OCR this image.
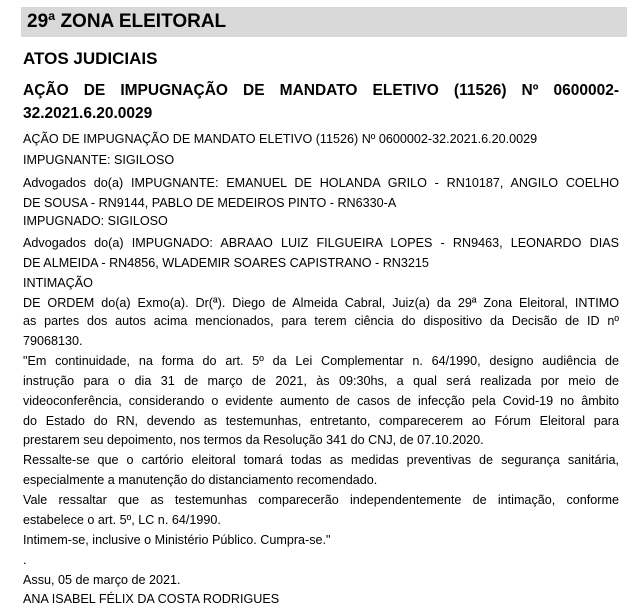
29ª ZONA ELEITORAL
ATOS JUDICIAIS
AÇÃO DE IMPUGNAÇÃO DE MANDATO ELETIVO (11526) Nº 0600002-
32.2021.6.20.0029
AÇÃO DE IMPUGNAÇÃO DE MANDATO ELETIVO (11526) Nº 0600002-32.2021.6.20.0029
IMPUGNANTE: SIGILOSO
Advogados do(a) IMPUGNANTE: EMANUEL DE HOLANDA GRILO - RN10187, ANGILO COELHO
DE SOUSA - RN9144, PABLO DE MEDEIROS PINTO - RN6330-A
IMPUGNADO: SIGILOSO
Advogados do(a) IMPUGNADO: ABRAAO LUIZ FILGUEIRA LOPES - RN9463, LEONARDO DIAS
DE ALMEIDA - RN4856, WLADEMIR SOARES CAPISTRANO - RN3215
INTIMAÇÃO
DE ORDEM do(a) Exmo(a). Dr(ª). Diego de Almeida Cabral, Juiz(a) da 29ª Zona Eleitoral, INTIMO
as partes dos autos acima mencionados, para terem ciência do dispositivo da Decisão de ID nº
79068130.
"Em continuidade, na forma do art. 5º da Lei Complementar n. 64/1990, designo audiência de
instrução para o dia 31 de março de 2021, às 09:30hs, a qual será realizada por meio de
videoconferência, considerando o evidente aumento de casos de infecção pela Covid-19 no âmbito
do Estado do RN, devendo as testemunhas, entretanto, comparecerem ao Fórum Eleitoral para
prestarem seu depoimento, nos termos da Resolução 341 do CNJ, de 07.10.2020.
Ressalte-se que o cartório eleitoral tomará todas as medidas preventivas de segurança sanitária,
especialmente a manutenção do distanciamento recomendado.
Vale ressaltar que as testemunhas comparecerão independentemente de intimação, conforme
estabelece o art. 5º, LC n. 64/1990.
Intimem-se, inclusive o Ministério Público. Cumpra-se."
.
Assu, 05 de março de 2021.
ANA ISABEL FÉLIX DA COSTA RODRIGUES
